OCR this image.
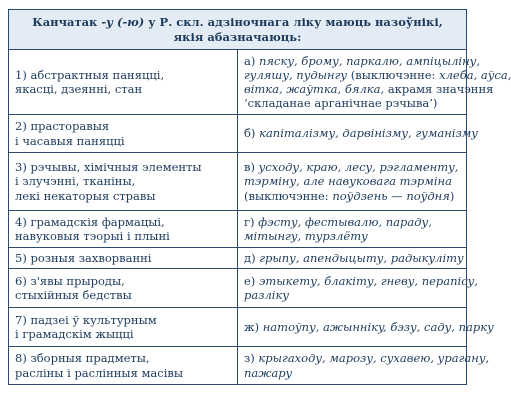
Канчатак -у (-ю) у Р. скл. адзіночнага ліку маюць назоўнікі,
якія абазначаюць:	

1) абстрактныя паняцці,
якасці, дзеянні, стан	а) пяску, брому, паркалю, ампіцыліну,
гуляшу, пудынгу (выключэнне: хлеба, аўса,
вітка, жаўтка, бялка, акрамя значэння
‘складанае арганічнае рэчыва’)

2) прасторавыя
і часавыя паняцці	б) капіталізму, дарвінізму, гуманізму

3) рэчывы, хімічныя элементы
і злучэнні, тканіны,
лекі некаторыя стравы	в) усходу, краю, лесу, рэгламенту,
тэрміну, але навуковага тэрміна
(выключэнне: поўдзень — поўдня)

4) грамадскія фармацыі,
навуковыя тэорыі і плыні	г) фэсту, фестывалю, параду,
мітынгу, турзлёту

5) розныя захворванні	д) грыпу, апендыцыту, радыкуліту

6) з'явы прыроды,
стыхійныя бедствы	е) этыкету, блакіту, гневу, перапісу,
разліку

7) падзеі ў культурным
і грамадскім жыцці	ж) натоўпу, ажыннікy, бэзу, саду, парку

8) зборныя прадметы,
расліны і раслінныя масівы	з) крыгаходу, марозу, сухавею, урагану,
пажару
